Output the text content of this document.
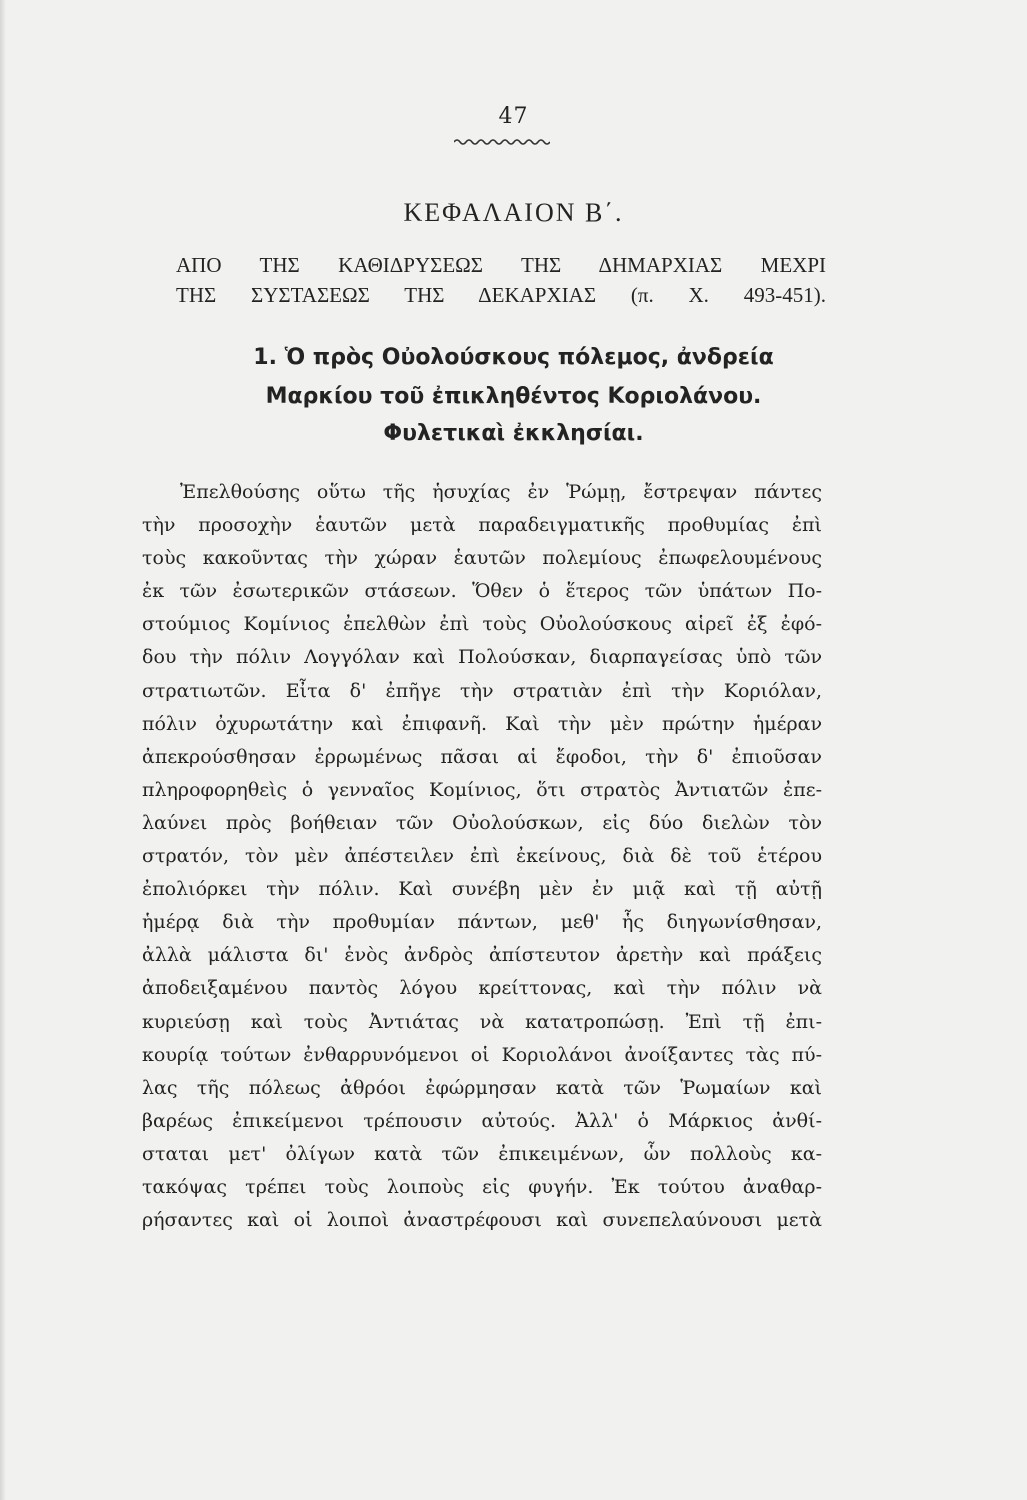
47
ΚΕΦΑΛΑΙΟΝ Β΄.
ΑΠΟ ΤΗΣ ΚΑΘΙΔΡΥΣΕΩΣ ΤΗΣ ΔΗΜΑΡΧΙΑΣ ΜΕΧΡΙ
ΤΗΣ ΣΥΣΤΑΣΕΩΣ ΤΗΣ ΔΕΚΑΡΧΙΑΣ (π. Χ. 493-451).
1. Ὁ πρὸς Οὐολούσκους πόλεμος, ἀνδρεία
Μαρκίου τοῦ ἐπικληθέντος Κοριολάνου.
Φυλετικαὶ ἐκκλησίαι.
Ἐπελθούσης οὕτω τῆς ἡσυχίας ἐν Ῥώμῃ, ἔστρεψαν πάντες
τὴν προσοχὴν ἑαυτῶν μετὰ παραδειγματικῆς προθυμίας ἐπὶ
τοὺς κακοῦντας τὴν χώραν ἑαυτῶν πολεμίους ἐπωφελουμένους
ἐκ τῶν ἐσωτερικῶν στάσεων. Ὅθεν ὁ ἕτερος τῶν ὑπάτων Πο-
στούμιος Κομίνιος ἐπελθὼν ἐπὶ τοὺς Οὐολούσκους αἱρεῖ ἐξ ἐφό-
δου τὴν πόλιν Λογγόλαν καὶ Πολούσκαν, διαρπαγείσας ὑπὸ τῶν
στρατιωτῶν. Εἶτα δ' ἐπῆγε τὴν στρατιὰν ἐπὶ τὴν Κοριόλαν,
πόλιν ὀχυρωτάτην καὶ ἐπιφανῆ. Καὶ τὴν μὲν πρώτην ἡμέραν
ἀπεκρούσθησαν ἐρρωμένως πᾶσαι αἱ ἔφοδοι, τὴν δ' ἐπιοῦσαν
πληροφορηθεὶς ὁ γενναῖος Κομίνιος, ὅτι στρατὸς Ἀντιατῶν ἐπε-
λαύνει πρὸς βοήθειαν τῶν Οὐολούσκων, εἰς δύο διελὼν τὸν
στρατόν, τὸν μὲν ἀπέστειλεν ἐπὶ ἐκείνους, διὰ δὲ τοῦ ἑτέρου
ἐπολιόρκει τὴν πόλιν. Καὶ συνέβη μὲν ἐν μιᾷ καὶ τῇ αὐτῇ
ἡμέρᾳ διὰ τὴν προθυμίαν πάντων, μεθ' ἧς διηγωνίσθησαν,
ἀλλὰ μάλιστα δι' ἑνὸς ἀνδρὸς ἀπίστευτον ἀρετὴν καὶ πράξεις
ἀποδειξαμένου παντὸς λόγου κρείττονας, καὶ τὴν πόλιν νὰ
κυριεύσῃ καὶ τοὺς Ἀντιάτας νὰ κατατροπώσῃ. Ἐπὶ τῇ ἐπι-
κουρίᾳ τούτων ἐνθαρρυνόμενοι οἱ Κοριολάνοι ἀνοίξαντες τὰς πύ-
λας τῆς πόλεως ἀθρόοι ἐφώρμησαν κατὰ τῶν Ῥωμαίων καὶ
βαρέως ἐπικείμενοι τρέπουσιν αὐτούς. Ἀλλ' ὁ Μάρκιος ἀνθί-
σταται μετ' ὀλίγων κατὰ τῶν ἐπικειμένων, ὧν πολλοὺς κα-
τακόψας τρέπει τοὺς λοιποὺς εἰς φυγήν. Ἐκ τούτου ἀναθαρ-
ρήσαντες καὶ οἱ λοιποὶ ἀναστρέφουσι καὶ συνεπελαύνουσι μετὰ
